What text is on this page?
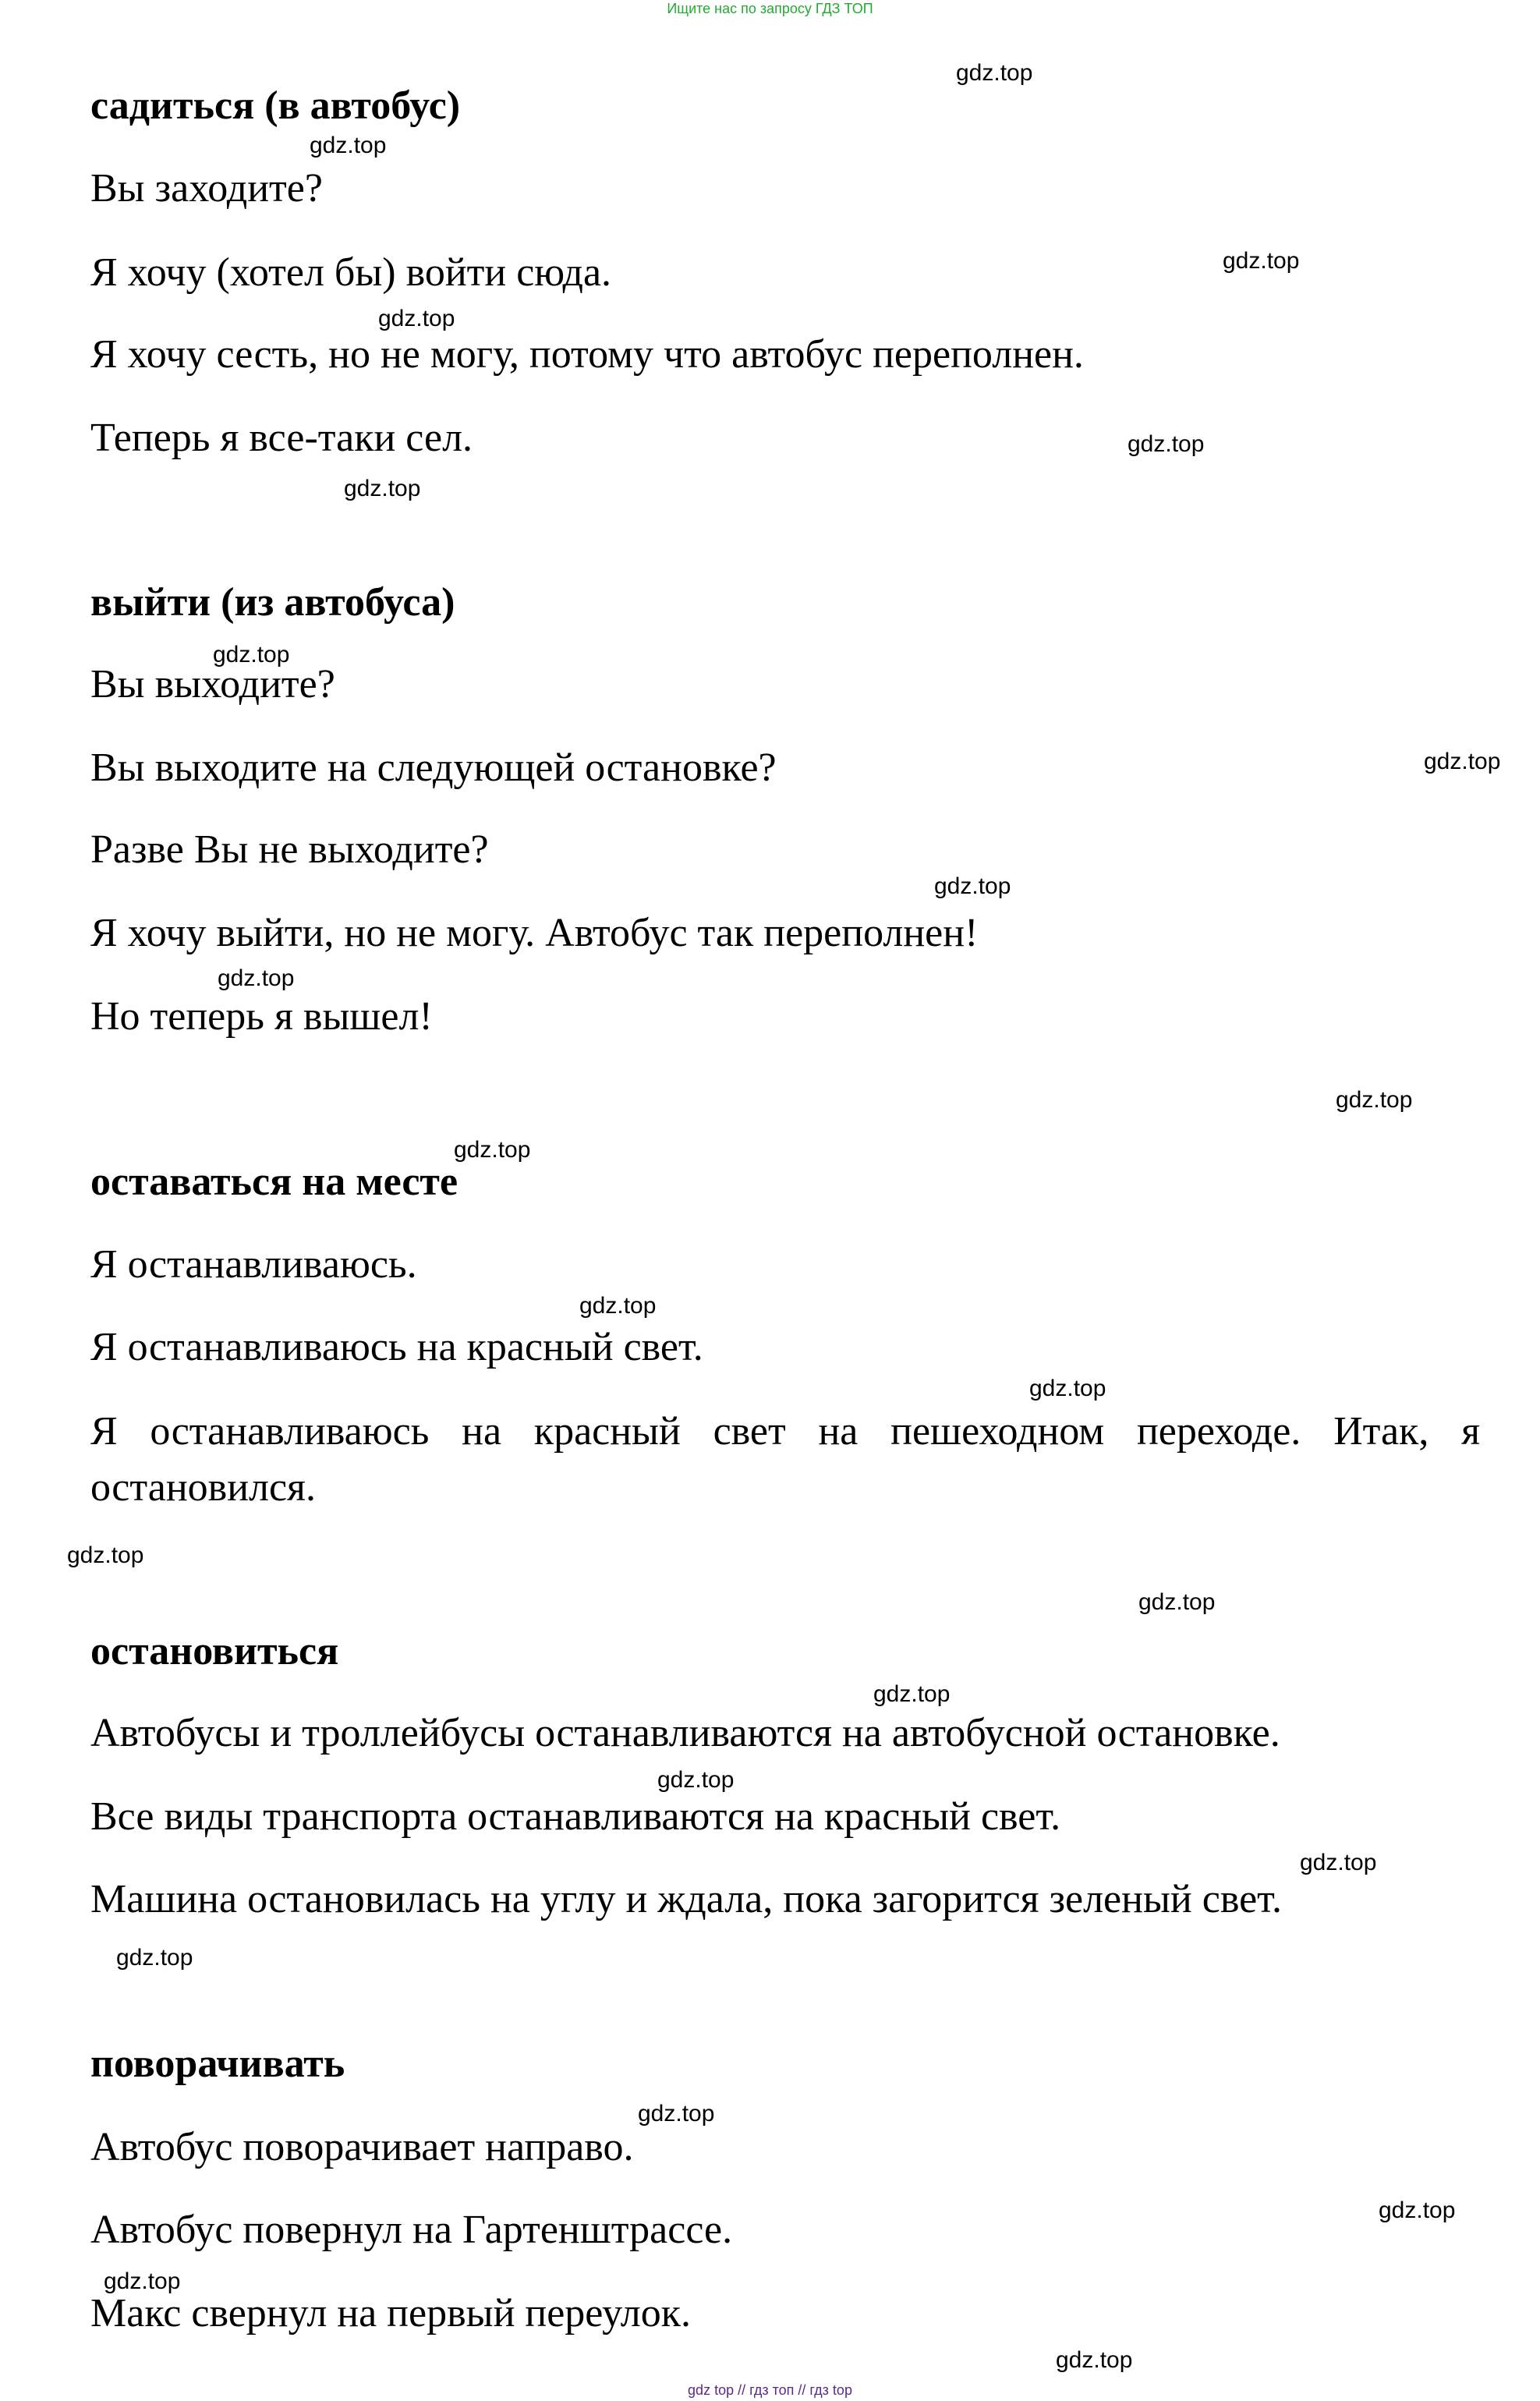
Ищите нас по запросу ГДЗ ТОП
садиться (в автобус)
Вы заходите?
Я хочу (хотел бы) войти сюда.
Я хочу сесть, но не могу, потому что автобус переполнен.
Теперь я все-таки сел.
выйти (из автобуса)
Вы выходите?
Вы выходите на следующей остановке?
Разве Вы не выходите?
Я хочу выйти, но не могу. Автобус так переполнен!
Но теперь я вышел!
оставаться на месте
Я останавливаюсь.
Я останавливаюсь на красный свет.
Я останавливаюсь на красный свет на пешеходном переходе. Итак, я остановился.
остановиться
Автобусы и троллейбусы останавливаются на автобусной остановке.
Все виды транспорта останавливаются на красный свет.
Машина остановилась на углу и ждала, пока загорится зеленый свет.
поворачивать
Автобус поворачивает направо.
Автобус повернул на Гартенштрассе.
Макс свернул на первый переулок.
gdz.top
gdz.top
gdz.top
gdz.top
gdz.top
gdz.top
gdz.top
gdz.top
gdz.top
gdz.top
gdz.top
gdz.top
gdz.top
gdz.top
gdz.top
gdz.top
gdz.top
gdz.top
gdz.top
gdz.top
gdz.top
gdz.top
gdz.top
gdz.top
gdz top // гдз топ // гдз top
